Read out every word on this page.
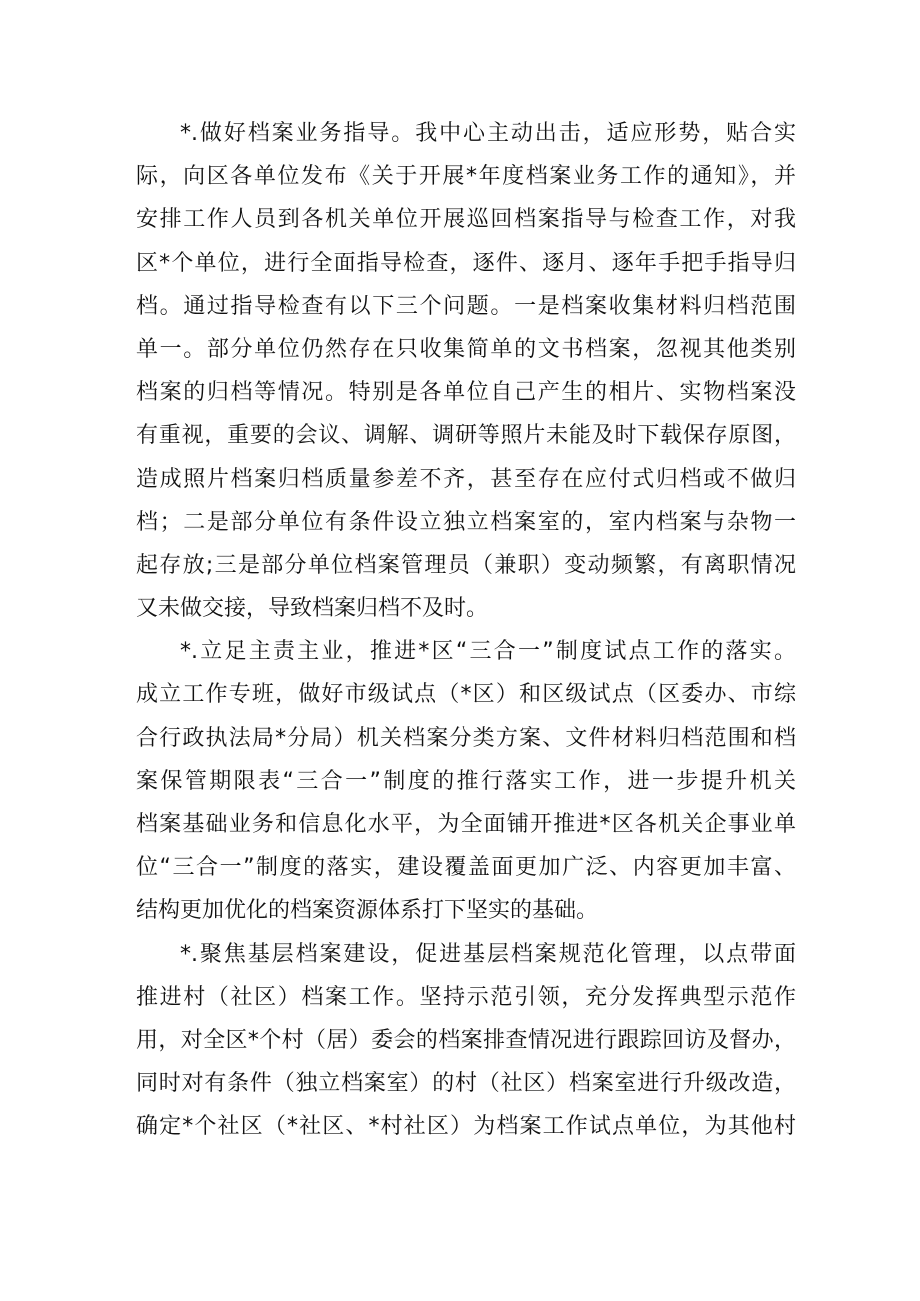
*.做好档案业务指导。我中心主动出击，适应形势，贴合实
际，向区各单位发布《关于开展*年度档案业务工作的通知》，并
安排工作人员到各机关单位开展巡回档案指导与检查工作，对我
区*个单位，进行全面指导检查，逐件、逐月、逐年手把手指导归
档。通过指导检查有以下三个问题。一是档案收集材料归档范围
单一。部分单位仍然存在只收集简单的文书档案，忽视其他类别
档案的归档等情况。特别是各单位自己产生的相片、实物档案没
有重视，重要的会议、调解、调研等照片未能及时下载保存原图，
造成照片档案归档质量参差不齐，甚至存在应付式归档或不做归
档；二是部分单位有条件设立独立档案室的，室内档案与杂物一
起存放;三是部分单位档案管理员（兼职）变动频繁，有离职情况
又未做交接，导致档案归档不及时。
*.立足主责主业，推进*区“三合一”制度试点工作的落实。
成立工作专班，做好市级试点（*区）和区级试点（区委办、市综
合行政执法局*分局）机关档案分类方案、文件材料归档范围和档
案保管期限表“三合一”制度的推行落实工作，进一步提升机关
档案基础业务和信息化水平，为全面铺开推进*区各机关企事业单
位“三合一”制度的落实，建设覆盖面更加广泛、内容更加丰富、
结构更加优化的档案资源体系打下坚实的基础。
*.聚焦基层档案建设，促进基层档案规范化管理，以点带面
推进村（社区）档案工作。坚持示范引领，充分发挥典型示范作
用，对全区*个村（居）委会的档案排查情况进行跟踪回访及督办，
同时对有条件（独立档案室）的村（社区）档案室进行升级改造，
确定*个社区（*社区、*村社区）为档案工作试点单位，为其他村
